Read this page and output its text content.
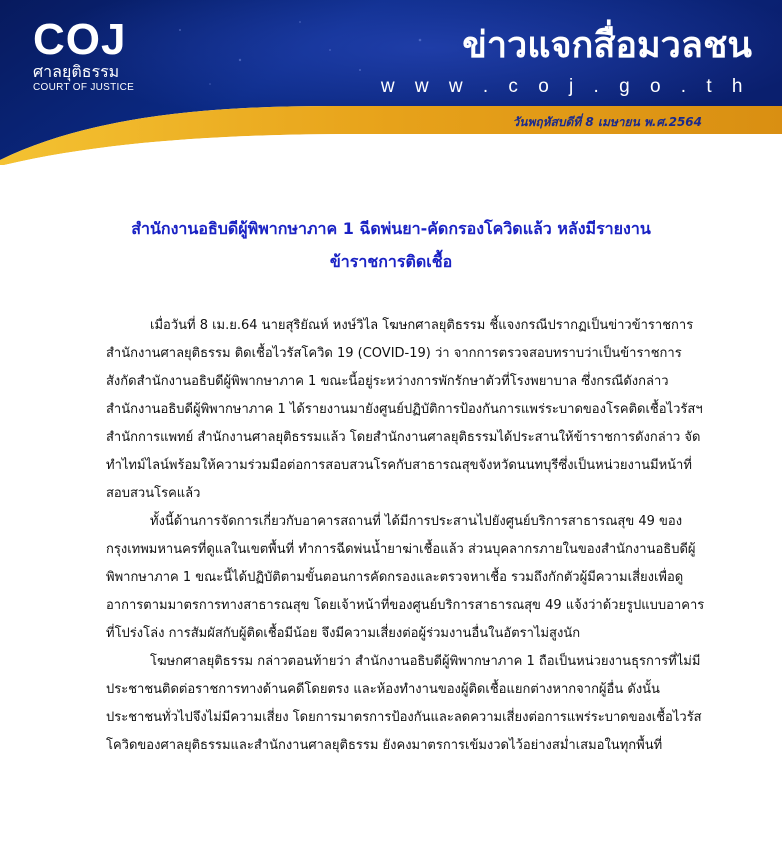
COJ
ศาลยุติธรรม
COURT OF JUSTICE
ข่าวแจกสื่อมวลชน
w w w . c o j . g o . t h
วันพฤหัสบดีที่ 8 เมษายน พ.ศ.2564
สำนักงานอธิบดีผู้พิพากษาภาค 1 ฉีดพ่นยา-คัดกรองโควิดแล้ว หลังมีรายงาน
ข้าราชการติดเชื้อ

เมื่อวันที่ 8 เม.ย.64 นายสุริยัณห์ หงษ์วิไล โฆษกศาลยุติธรรม ชี้แจงกรณีปรากฏเป็นข่าวข้าราชการสำนักงานศาลยุติธรรม ติดเชื้อไวรัสโควิด 19 (COVID-19) ว่า จากการตรวจสอบทราบว่าเป็นข้าราชการสังกัดสำนักงานอธิบดีผู้พิพากษาภาค 1 ขณะนี้อยู่ระหว่างการพักรักษาตัวที่โรงพยาบาล ซึ่งกรณีดังกล่าวสำนักงานอธิบดีผู้พิพากษาภาค 1 ได้รายงานมายังศูนย์ปฏิบัติการป้องกันการแพร่ระบาดของโรคติดเชื้อไวรัสฯ สำนักการแพทย์ สำนักงานศาลยุติธรรมแล้ว โดยสำนักงานศาลยุติธรรมได้ประสานให้ข้าราชการดังกล่าว จัดทำไทม์ไลน์พร้อมให้ความร่วมมือต่อการสอบสวนโรคกับสาธารณสุขจังหวัดนนทบุรีซึ่งเป็นหน่วยงานมีหน้าที่สอบสวนโรคแล้ว

ทั้งนี้ด้านการจัดการเกี่ยวกับอาคารสถานที่ ได้มีการประสานไปยังศูนย์บริการสาธารณสุข 49 ของกรุงเทพมหานครที่ดูแลในเขตพื้นที่ ทำการฉีดพ่นน้ำยาฆ่าเชื้อแล้ว ส่วนบุคลากรภายในของสำนักงานอธิบดีผู้พิพากษาภาค 1 ขณะนี้ได้ปฏิบัติตามขั้นตอนการคัดกรองและตรวจหาเชื้อ รวมถึงกักตัวผู้มีความเสี่ยงเพื่อดูอาการตามมาตรการทางสาธารณสุข โดยเจ้าหน้าที่ของศูนย์บริการสาธารณสุข 49 แจ้งว่าด้วยรูปแบบอาคารที่โปร่งโล่ง การสัมผัสกับผู้ติดเชื้อมีน้อย จึงมีความเสี่ยงต่อผู้ร่วมงานอื่นในอัตราไม่สูงนัก

โฆษกศาลยุติธรรม กล่าวตอนท้ายว่า สำนักงานอธิบดีผู้พิพากษาภาค 1 ถือเป็นหน่วยงานธุรการที่ไม่มีประชาชนติดต่อราชการทางด้านคดีโดยตรง และห้องทำงานของผู้ติดเชื้อแยกต่างหากจากผู้อื่น ดังนั้นประชาชนทั่วไปจึงไม่มีความเสี่ยง โดยการมาตรการป้องกันและลดความเสี่ยงต่อการแพร่ระบาดของเชื้อไวรัสโควิดของศาลยุติธรรมและสำนักงานศาลยุติธรรม ยังคงมาตรการเข้มงวดไว้อย่างสม่ำเสมอในทุกพื้นที่
